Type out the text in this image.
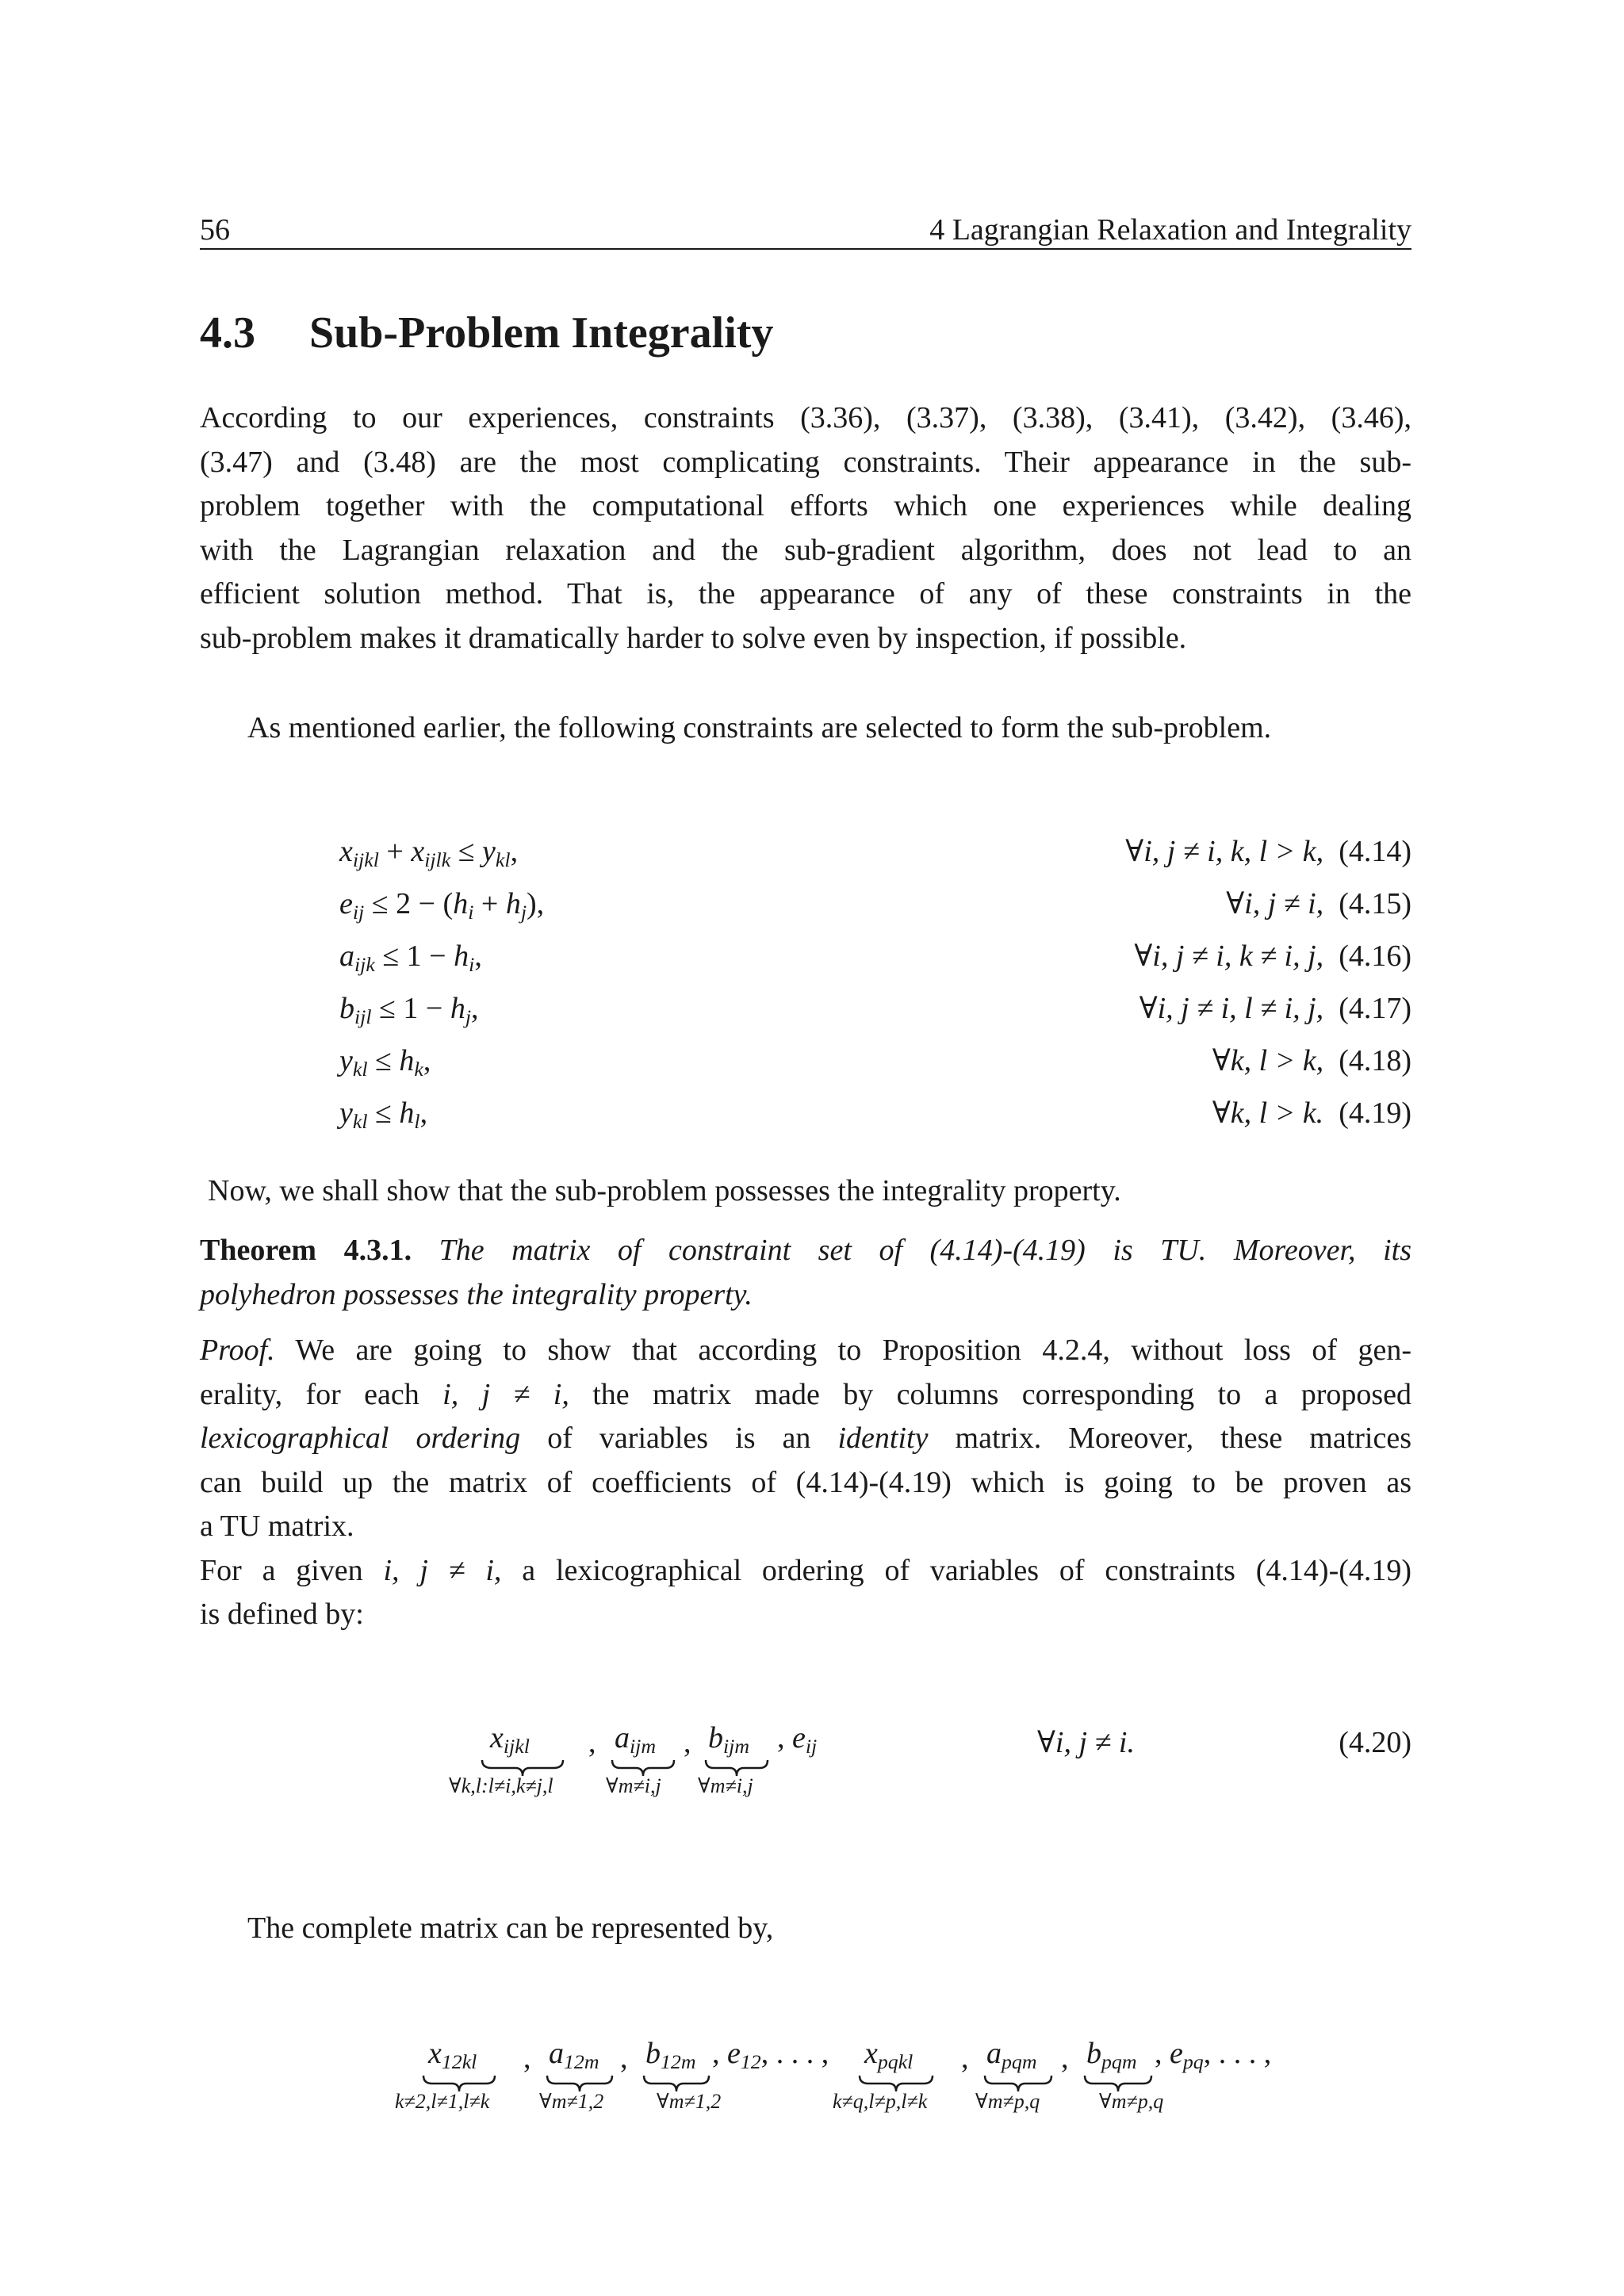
56	4 Lagrangian Relaxation and Integrality
4.3 Sub-Problem Integrality
According to our experiences, constraints (3.36), (3.37), (3.38), (3.41), (3.42), (3.46),
(3.47) and (3.48) are the most complicating constraints. Their appearance in the sub-
problem together with the computational efforts which one experiences while dealing
with the Lagrangian relaxation and the sub-gradient algorithm, does not lead to an
efficient solution method. That is, the appearance of any of these constraints in the
sub-problem makes it dramatically harder to solve even by inspection, if possible.
As mentioned earlier, the following constraints are selected to form the sub-problem.
$x_{ijkl} + x_{ijlk} \le y_{kl}$,	∀i, j ≠ i, k, l > k, (4.14)
$e_{ij} \le 2 - (h_i + h_j)$,	∀i, j ≠ i, (4.15)
$a_{ijk} \le 1 - h_i$,	∀i, j ≠ i, k ≠ i, j, (4.16)
$b_{ijl} \le 1 - h_j$,	∀i, j ≠ i, l ≠ i, j, (4.17)
$y_{kl} \le h_k$,	∀k, l > k, (4.18)
$y_{kl} \le h_l$,	∀k, l > k. (4.19)
Now, we shall show that the sub-problem possesses the integrality property.
Theorem 4.3.1. The matrix of constraint set of (4.14)-(4.19) is TU. Moreover, its
polyhedron possesses the integrality property.
Proof. We are going to show that according to Proposition 4.2.4, without loss of gen-
erality, for each i, j ≠ i, the matrix made by columns corresponding to a proposed
lexicographical ordering of variables is an identity matrix. Moreover, these matrices
can build up the matrix of coefficients of (4.14)-(4.19) which is going to be proven as
a TU matrix.
For a given i, j ≠ i, a lexicographical ordering of variables of constraints (4.14)-(4.19)
is defined by:
$x_{ijkl}$
∀k,l:l≠i,k≠j,l
, $a_{ijm}$
∀m≠i,j
, $b_{ijm}$
∀m≠i,j
, $e_{ij}$	∀i, j ≠ i.	(4.20)
The complete matrix can be represented by,
$x_{12kl}$
k≠2,l≠1,l≠k
, $a_{12m}$
∀m≠1,2
, $b_{12m}$
∀m≠1,2
, $e_{12}$, . . . , $x_{pqkl}$
k≠q,l≠p,l≠k
, $a_{pqm}$
∀m≠p,q
, $b_{pqm}$
∀m≠p,q
, $e_{pq}$, . . . ,
